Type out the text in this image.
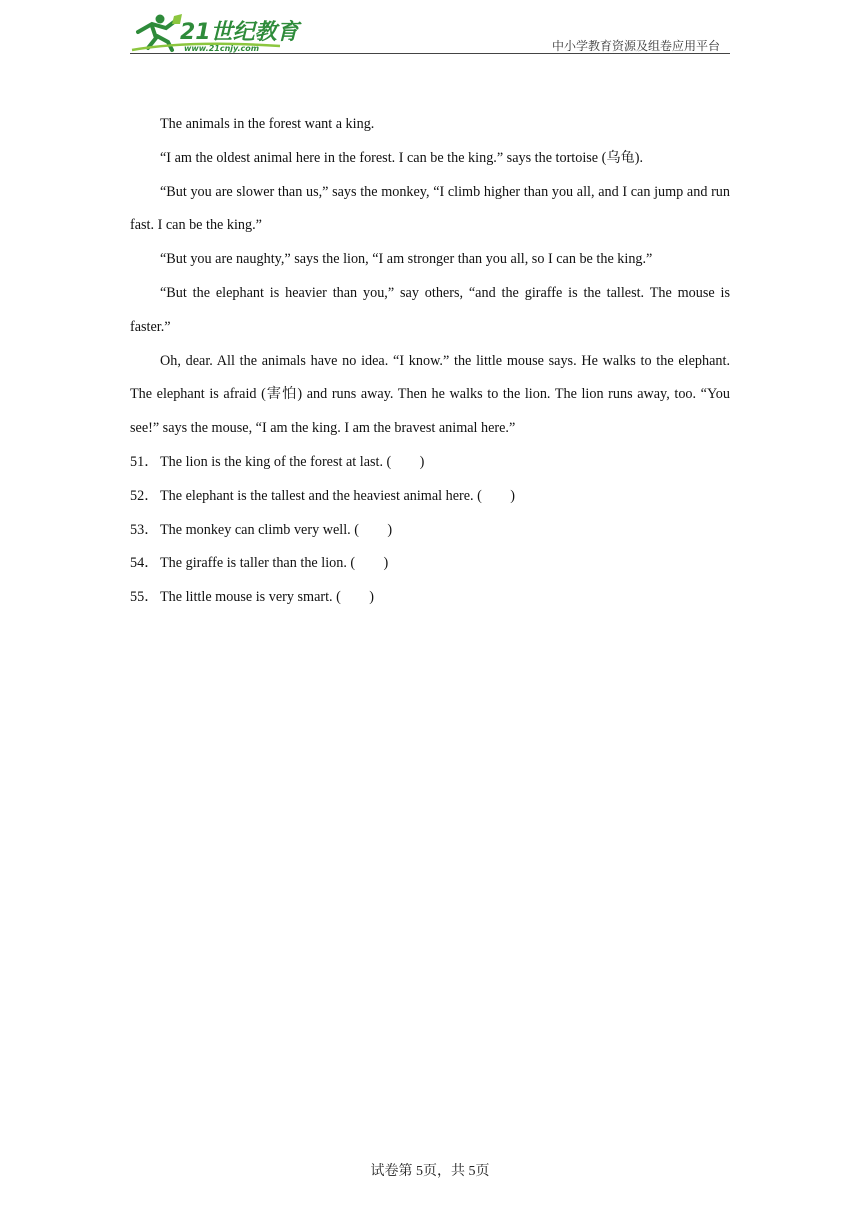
21世纪教育
www.21cnjy.com	中小学教育资源及组卷应用平台

The animals in the forest want a king.

“I am the oldest animal here in the forest. I can be the king.” says the tortoise (乌龟).

“But you are slower than us,” says the monkey, “I climb higher than you all, and I can jump and run fast. I can be the king.”

“But you are naughty,” says the lion, “I am stronger than you all, so I can be the king.”

“But the elephant is heavier than you,” say others, “and the giraffe is the tallest. The mouse is faster.”

Oh, dear. All the animals have no idea. “I know.” the little mouse says. He walks to the elephant. The elephant is afraid (害怕) and runs away. Then he walks to the lion. The lion runs away, too. “You see!” says the mouse, “I am the king. I am the bravest animal here.”

51． The lion is the king of the forest at last. ( )

52． The elephant is the tallest and the heaviest animal here. ( )

53． The monkey can climb very well. ( )

54． The giraffe is taller than the lion. ( )

55． The little mouse is very smart. ( )

试卷第 5页，共 5页
